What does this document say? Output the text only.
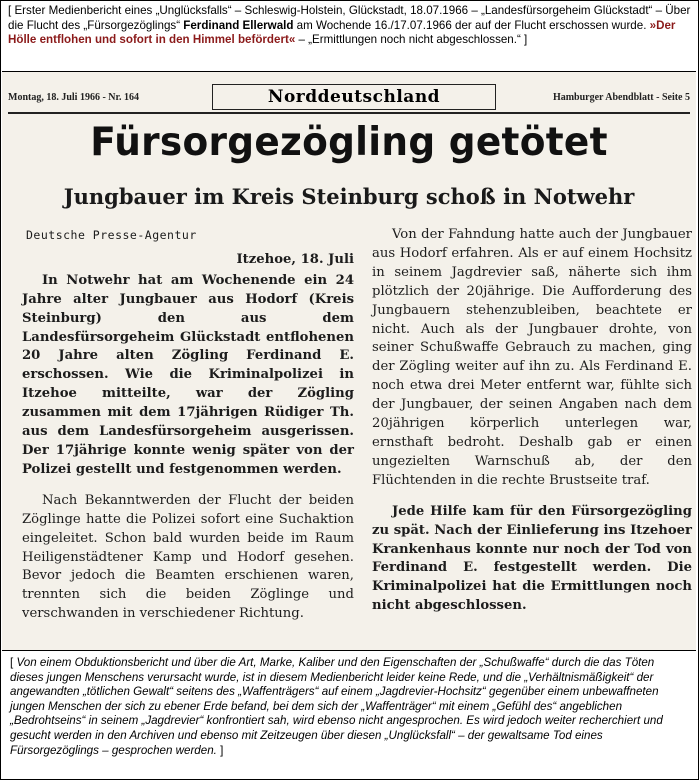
[ Erster Medienbericht eines „Unglücksfalls“ – Schleswig-Holstein, Glückstadt, 18.07.1966 – „Landesfürsorgeheim Glückstadt“ – Über die Flucht des „Fürsorgezöglings“ Ferdinand Ellerwald am Wochende 16./17.07.1966 der auf der Flucht erschossen wurde. »Der Hölle entflohen und sofort in den Himmel befördert« – „Ermittlungen noch nicht abgeschlossen.“ ]
Montag, 18. Juli 1966 - Nr. 164	Norddeutschland	Hamburger Abendblatt - Seite 5
Fürsorgezögling getötet
Jungbauer im Kreis Steinburg schoß in Notwehr

Deutsche Presse-Agentur

Itzehoe, 18. Juli

In Notwehr hat am Wochenende ein 24 Jahre alter Jungbauer aus Hodorf (Kreis Steinburg) den aus dem Landesfürsorgeheim Glückstadt entflohenen 20 Jahre alten Zögling Ferdinand E. erschossen. Wie die Kriminalpolizei in Itzehoe mitteilte, war der Zögling zusammen mit dem 17jährigen Rüdiger Th. aus dem Landesfürsorgeheim ausgerissen. Der 17jährige konnte wenig später von der Polizei gestellt und festgenommen werden.

Nach Bekanntwerden der Flucht der beiden Zöglinge hatte die Polizei sofort eine Suchaktion eingeleitet. Schon bald wurden beide im Raum Heiligenstädtener Kamp und Hodorf gesehen. Bevor jedoch die Beamten erschienen waren, trennten sich die beiden Zöglinge und verschwanden in verschiedener Richtung.

Von der Fahndung hatte auch der Jungbauer aus Hodorf erfahren. Als er auf einem Hochsitz in seinem Jagdrevier saß, näherte sich ihm plötzlich der 20jährige. Die Aufforderung des Jungbauern stehenzubleiben, beachtete er nicht. Auch als der Jungbauer drohte, von seiner Schußwaffe Gebrauch zu machen, ging der Zögling weiter auf ihn zu. Als Ferdinand E. noch etwa drei Meter entfernt war, fühlte sich der Jungbauer, der seinen Angaben nach dem 20jährigen körperlich unterlegen war, ernsthaft bedroht. Deshalb gab er einen ungezielten Warnschuß ab, der den Flüchtenden in die rechte Brustseite traf.

Jede Hilfe kam für den Fürsorgezögling zu spät. Nach der Einlieferung ins Itzehoer Krankenhaus konnte nur noch der Tod von Ferdinand E. festgestellt werden. Die Kriminalpolizei hat die Ermittlungen noch nicht abgeschlossen.

[ Von einem Obduktionsbericht und über die Art, Marke, Kaliber und den Eigenschaften der „Schußwaffe“ durch die das Töten dieses jungen Menschens verursacht wurde, ist in diesem Medienbericht leider keine Rede, und die „Verhältnismäßigkeit“ der angewandten „tötlichen Gewalt“ seitens des „Waffenträgers“ auf einem „Jagdrevier-Hochsitz“ gegenüber einem unbewaffneten jungen Menschen der sich zu ebener Erde befand, bei dem sich der „Waffenträger“ mit einem „Gefühl des“ angeblichen „Bedrohtseins“ in seinem „Jagdrevier“ konfrontiert sah, wird ebenso nicht angesprochen. Es wird jedoch weiter recherchiert und gesucht werden in den Archiven und ebenso mit Zeitzeugen über diesen „Unglücksfall“ – der gewaltsame Tod eines Fürsorgezöglings – gesprochen werden. ]
